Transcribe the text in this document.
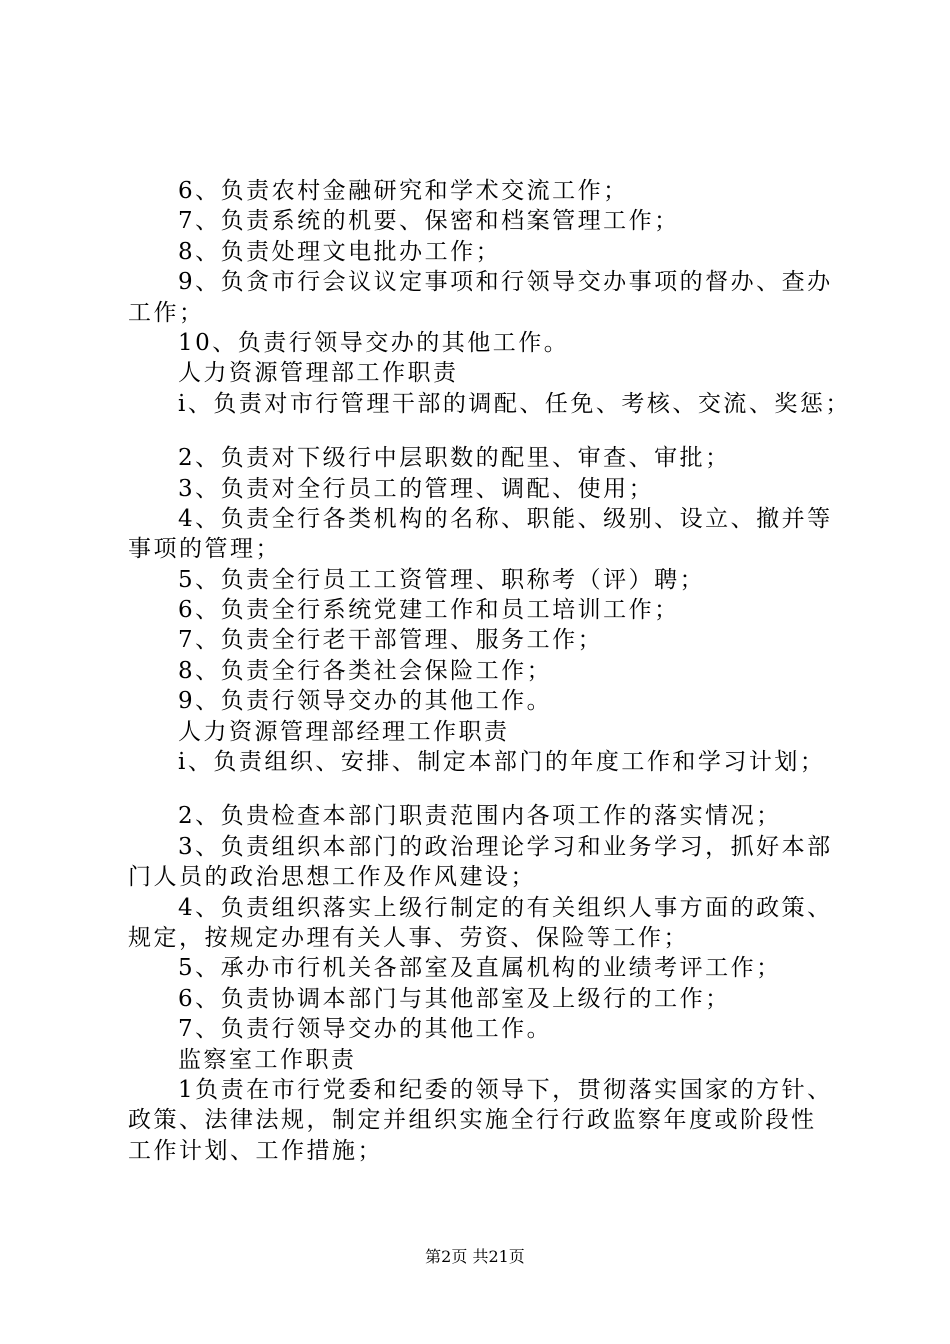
6、负责农村金融研究和学术交流工作；
7、负责系统的机要、保密和档案管理工作；
8、负责处理文电批办工作；
9、负贪市行会议议定事项和行领导交办事项的督办、查办
工作；
10、负责行领导交办的其他工作。
人力资源管理部工作职责
i、负责对市行管理干部的调配、任免、考核、交流、奖惩；
2、负责对下级行中层职数的配里、审查、审批；
3、负责对全行员工的管理、调配、使用；
4、负责全行各类机构的名称、职能、级别、设立、撤并等
事项的管理；
5、负责全行员工工资管理、职称考（评）聘；
6、负责全行系统党建工作和员工培训工作；
7、负责全行老干部管理、服务工作；
8、负责全行各类社会保险工作；
9、负责行领导交办的其他工作。
人力资源管理部经理工作职责
i、负责组织、安排、制定本部门的年度工作和学习计划；
2、负贵检查本部门职责范围内各项工作的落实情况；
3、负责组织本部门的政治理论学习和业务学习，抓好本部
门人员的政治思想工作及作风建设；
4、负责组织落实上级行制定的有关组织人事方面的政策、
规定，按规定办理有关人事、劳资、保险等工作；
5、承办市行机关各部室及直属机构的业绩考评工作；
6、负责协调本部门与其他部室及上级行的工作；
7、负责行领导交办的其他工作。
监察室工作职责
1负责在市行党委和纪委的领导下，贯彻落实国家的方针、
政策、法律法规，制定并组织实施全行行政监察年度或阶段性
工作计划、工作措施；
第2页 共21页
